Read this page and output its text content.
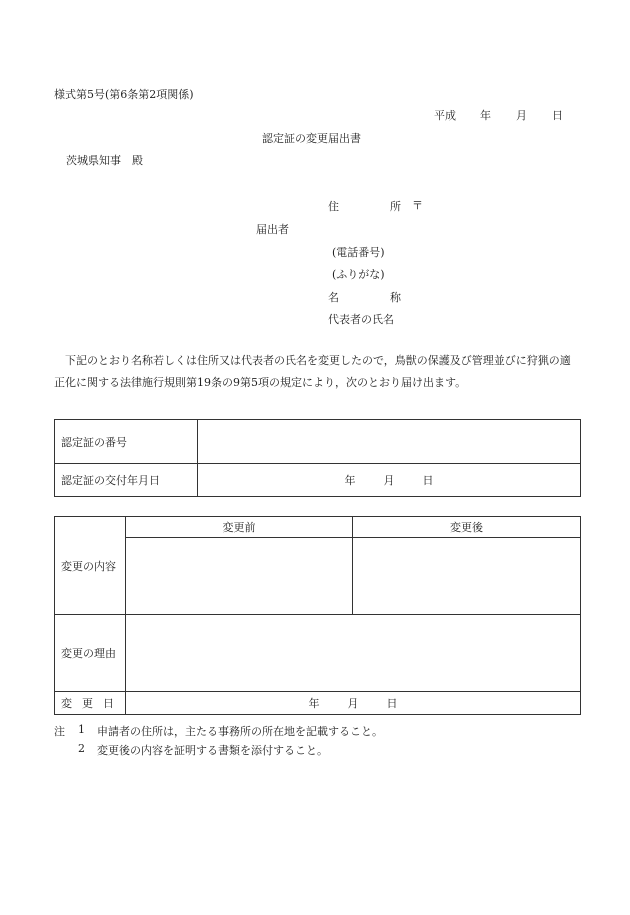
様式第5号(第6条第2項関係)
平成 年 月 日
認定証の変更届出書
茨城県知事　殿
住	所 〒
届出者
(電話番号)
(ふりがな)
名	称
代表者の氏名
　下記のとおり名称若しくは住所又は代表者の氏名を変更したので，鳥獣の保護及び管理並びに狩猟の適正化に関する法律施行規則第19条の9第5項の規定により，次のとおり届け出ます。
認定証の番号	
認定証の交付年月日	年 月 日
変更の内容	変更前	変更後

変更の理由		
変 更 日	年 月 日	
注 1 申請者の住所は，主たる事務所の所在地を記載すること。
2 変更後の内容を証明する書類を添付すること。
